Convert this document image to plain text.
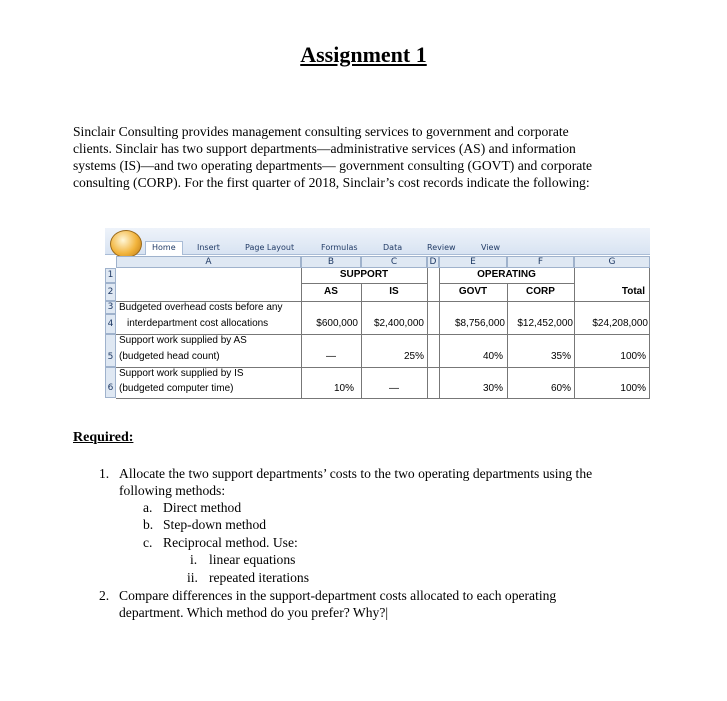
Assignment 1
Sinclair Consulting provides management consulting services to government and corporate
clients. Sinclair has two support departments—administrative services (AS) and information
systems (IS)—and two operating departments— government consulting (GOVT) and corporate
consulting (CORP). For the first quarter of 2018, Sinclair’s cost records indicate the following:
Home	Insert	Page Layout	Formulas	Data	Review	View
A	B	C	D	E	F	G
1
2
3
4
5
6
SUPPORT	OPERATING
AS	IS	GOVT	CORP	Total
Budgeted overhead costs before any
interdepartment cost allocations	$600,000	$2,400,000	$8,756,000	$12,452,000	$24,208,000
Support work supplied by AS
(budgeted head count)	—	25%	40%	35%	100%
Support work supplied by IS
(budgeted computer time)	10%	—	30%	60%	100%
Required:
1. Allocate the two support departments’ costs to the two operating departments using the
following methods:
a. Direct method
b. Step-down method
c. Reciprocal method. Use:
i. linear equations
ii. repeated iterations
2. Compare differences in the support-department costs allocated to each operating
department. Which method do you prefer? Why?|
